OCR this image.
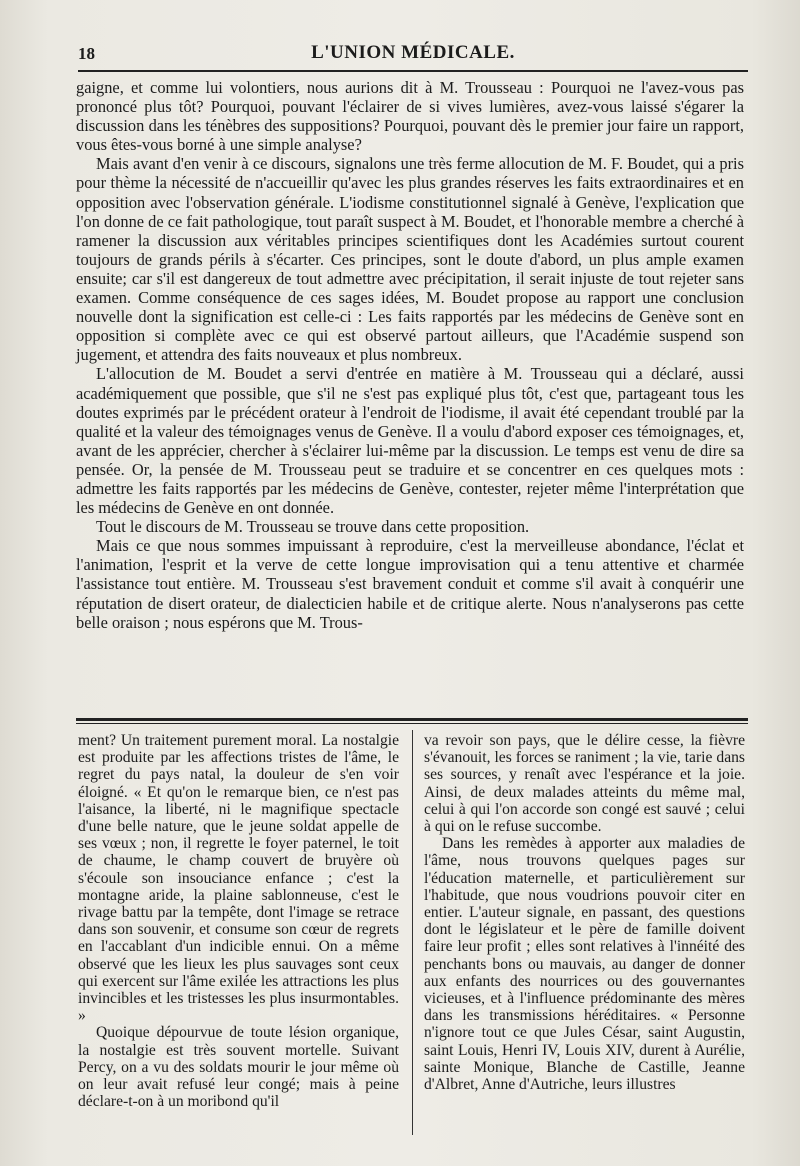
18	L'UNION MÉDICALE.

gaigne, et comme lui volontiers, nous aurions dit à M. Trousseau : Pourquoi ne l'avez-vous pas prononcé plus tôt? Pourquoi, pouvant l'éclairer de si vives lumières, avez-vous laissé s'égarer la discussion dans les ténèbres des suppositions? Pourquoi, pouvant dès le premier jour faire un rapport, vous êtes-vous borné à une simple analyse?

Mais avant d'en venir à ce discours, signalons une très ferme allocution de M. F. Boudet, qui a pris pour thème la nécessité de n'accueillir qu'avec les plus grandes réserves les faits extraordinaires et en opposition avec l'observation générale. L'iodisme constitutionnel signalé à Genève, l'explication que l'on donne de ce fait pathologique, tout paraît suspect à M. Boudet, et l'honorable membre a cherché à ramener la discussion aux véritables principes scientifiques dont les Académies surtout courent toujours de grands périls à s'écarter. Ces principes, sont le doute d'abord, un plus ample examen ensuite; car s'il est dangereux de tout admettre avec précipitation, il serait injuste de tout rejeter sans examen. Comme conséquence de ces sages idées, M. Boudet propose au rapport une conclusion nouvelle dont la signification est celle-ci : Les faits rapportés par les médecins de Genève sont en opposition si complète avec ce qui est observé partout ailleurs, que l'Académie suspend son jugement, et attendra des faits nouveaux et plus nombreux.

L'allocution de M. Boudet a servi d'entrée en matière à M. Trousseau qui a déclaré, aussi académiquement que possible, que s'il ne s'est pas expliqué plus tôt, c'est que, partageant tous les doutes exprimés par le précédent orateur à l'endroit de l'iodisme, il avait été cependant troublé par la qualité et la valeur des témoignages venus de Genève. Il a voulu d'abord exposer ces témoignages, et, avant de les apprécier, chercher à s'éclairer lui-même par la discussion. Le temps est venu de dire sa pensée. Or, la pensée de M. Trousseau peut se traduire et se concentrer en ces quelques mots : admettre les faits rapportés par les médecins de Genève, contester, rejeter même l'interprétation que les médecins de Genève en ont donnée.

Tout le discours de M. Trousseau se trouve dans cette proposition.

Mais ce que nous sommes impuissant à reproduire, c'est la merveilleuse abondance, l'éclat et l'animation, l'esprit et la verve de cette longue improvisation qui a tenu attentive et charmée l'assistance tout entière. M. Trousseau s'est bravement conduit et comme s'il avait à conquérir une réputation de disert orateur, de dialecticien habile et de critique alerte. Nous n'analyserons pas cette belle oraison ; nous espérons que M. Trous-

ment? Un traitement purement moral. La nostalgie est produite par les affections tristes de l'âme, le regret du pays natal, la douleur de s'en voir éloigné. « Et qu'on le remarque bien, ce n'est pas l'aisance, la liberté, ni le magnifique spectacle d'une belle nature, que le jeune soldat appelle de ses vœux ; non, il regrette le foyer paternel, le toit de chaume, le champ couvert de bruyère où s'écoule son insouciance enfance ; c'est la montagne aride, la plaine sablonneuse, c'est le rivage battu par la tempête, dont l'image se retrace dans son souvenir, et consume son cœur de regrets en l'accablant d'un indicible ennui. On a même observé que les lieux les plus sauvages sont ceux qui exercent sur l'âme exilée les attractions les plus invincibles et les tristesses les plus insurmontables. »

Quoique dépourvue de toute lésion organique, la nostalgie est très souvent mortelle. Suivant Percy, on a vu des soldats mourir le jour même où on leur avait refusé leur congé; mais à peine déclare-t-on à un moribond qu'il

va revoir son pays, que le délire cesse, la fièvre s'évanouit, les forces se raniment ; la vie, tarie dans ses sources, y renaît avec l'espérance et la joie. Ainsi, de deux malades atteints du même mal, celui à qui l'on accorde son congé est sauvé ; celui à qui on le refuse succombe.

Dans les remèdes à apporter aux maladies de l'âme, nous trouvons quelques pages sur l'éducation maternelle, et particulièrement sur l'habitude, que nous voudrions pouvoir citer en entier. L'auteur signale, en passant, des questions dont le législateur et le père de famille doivent faire leur profit ; elles sont relatives à l'innéité des penchants bons ou mauvais, au danger de donner aux enfants des nourrices ou des gouvernantes vicieuses, et à l'influence prédominante des mères dans les transmissions héréditaires. « Personne n'ignore tout ce que Jules César, saint Augustin, saint Louis, Henri IV, Louis XIV, durent à Aurélie, sainte Monique, Blanche de Castille, Jeanne d'Albret, Anne d'Autriche, leurs illustres
